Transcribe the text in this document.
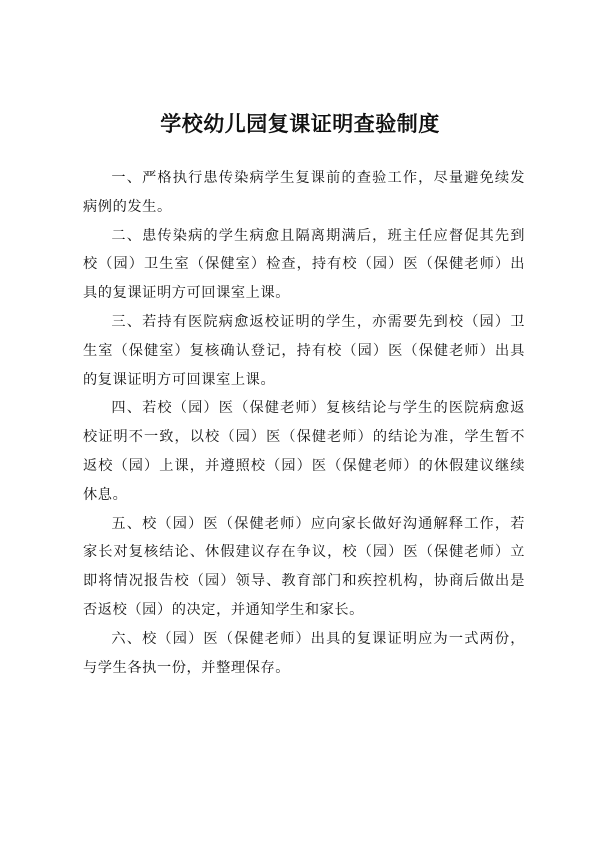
学校幼儿园复课证明查验制度

一、严格执行患传染病学生复课前的查验工作，尽量避免续发病例的发生。

二、患传染病的学生病愈且隔离期满后，班主任应督促其先到校（园）卫生室（保健室）检查，持有校（园）医（保健老师）出具的复课证明方可回课室上课。

三、若持有医院病愈返校证明的学生，亦需要先到校（园）卫生室（保健室）复核确认登记，持有校（园）医（保健老师）出具的复课证明方可回课室上课。

四、若校（园）医（保健老师）复核结论与学生的医院病愈返校证明不一致，以校（园）医（保健老师）的结论为准，学生暂不返校（园）上课，并遵照校（园）医（保健老师）的休假建议继续休息。

五、校（园）医（保健老师）应向家长做好沟通解释工作，若家长对复核结论、休假建议存在争议，校（园）医（保健老师）立即将情况报告校（园）领导、教育部门和疾控机构，协商后做出是否返校（园）的决定，并通知学生和家长。

六、校（园）医（保健老师）出具的复课证明应为一式两份，与学生各执一份，并整理保存。
